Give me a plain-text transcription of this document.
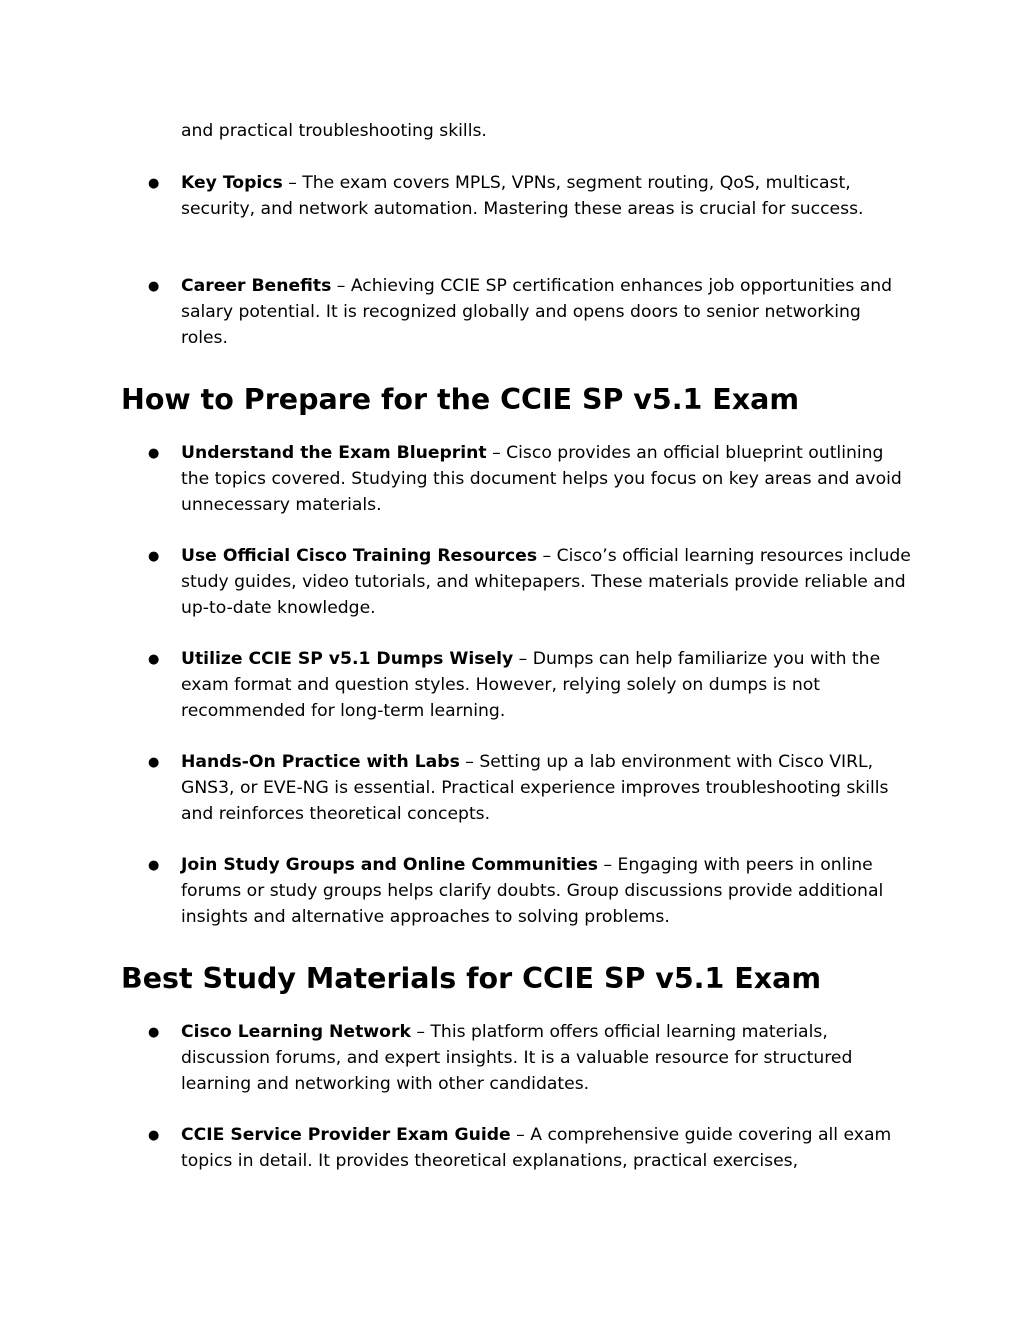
and practical troubleshooting skills.

● Key Topics – The exam covers MPLS, VPNs, segment routing, QoS, multicast, security, and network automation. Mastering these areas is crucial for success.
● Career Benefits – Achieving CCIE SP certification enhances job opportunities and salary potential. It is recognized globally and opens doors to senior networking roles.
How to Prepare for the CCIE SP v5.1 Exam
● Understand the Exam Blueprint – Cisco provides an official blueprint outlining the topics covered. Studying this document helps you focus on key areas and avoid unnecessary materials.
● Use Official Cisco Training Resources – Cisco’s official learning resources include study guides, video tutorials, and whitepapers. These materials provide reliable and up-to-date knowledge.
● Utilize CCIE SP v5.1 Dumps Wisely – Dumps can help familiarize you with the exam format and question styles. However, relying solely on dumps is not recommended for long-term learning.
● Hands-On Practice with Labs – Setting up a lab environment with Cisco VIRL, GNS3, or EVE-NG is essential. Practical experience improves troubleshooting skills and reinforces theoretical concepts.
● Join Study Groups and Online Communities – Engaging with peers in online forums or study groups helps clarify doubts. Group discussions provide additional insights and alternative approaches to solving problems.
Best Study Materials for CCIE SP v5.1 Exam
● Cisco Learning Network – This platform offers official learning materials, discussion forums, and expert insights. It is a valuable resource for structured learning and networking with other candidates.
● CCIE Service Provider Exam Guide – A comprehensive guide covering all exam topics in detail. It provides theoretical explanations, practical exercises,
